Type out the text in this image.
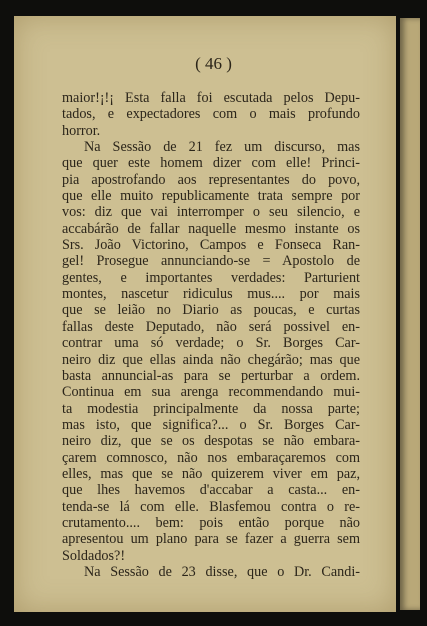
( 46 )
maior!¡!¡ Esta falla foi escutada pelos Depu-
tados, e expectadores com o mais profundo
horror.
Na Sessão de 21 fez um discurso, mas
que quer este homem dizer com elle! Princi-
pia apostrofando aos representantes do povo,
que elle muito republicamente trata sempre por
vos: diz que vai interromper o seu silencio, e
accabárão de fallar naquelle mesmo instante os
Srs. João Victorino, Campos e Fonseca Ran-
gel! Prosegue annunciando-se = Apostolo de
gentes, e importantes verdades: Parturient
montes, nascetur ridiculus mus.... por mais
que se leião no Diario as poucas, e curtas
fallas deste Deputado, não será possivel en-
contrar uma só verdade; o Sr. Borges Car-
neiro diz que ellas ainda não chegárão; mas que
basta annuncial-as para se perturbar a ordem.
Continua em sua arenga recommendando mui-
ta modestia principalmente da nossa parte;
mas isto, que significa?... o Sr. Borges Car-
neiro diz, que se os despotas se não embara-
çarem comnosco, não nos embaraçaremos com
elles, mas que se não quizerem viver em paz,
que lhes havemos d'accabar a casta... en-
tenda-se lá com elle. Blasfemou contra o re-
crutamento.... bem: pois então porque não
apresentou um plano para se fazer a guerra sem
Soldados?!
Na Sessão de 23 disse, que o Dr. Candi-
